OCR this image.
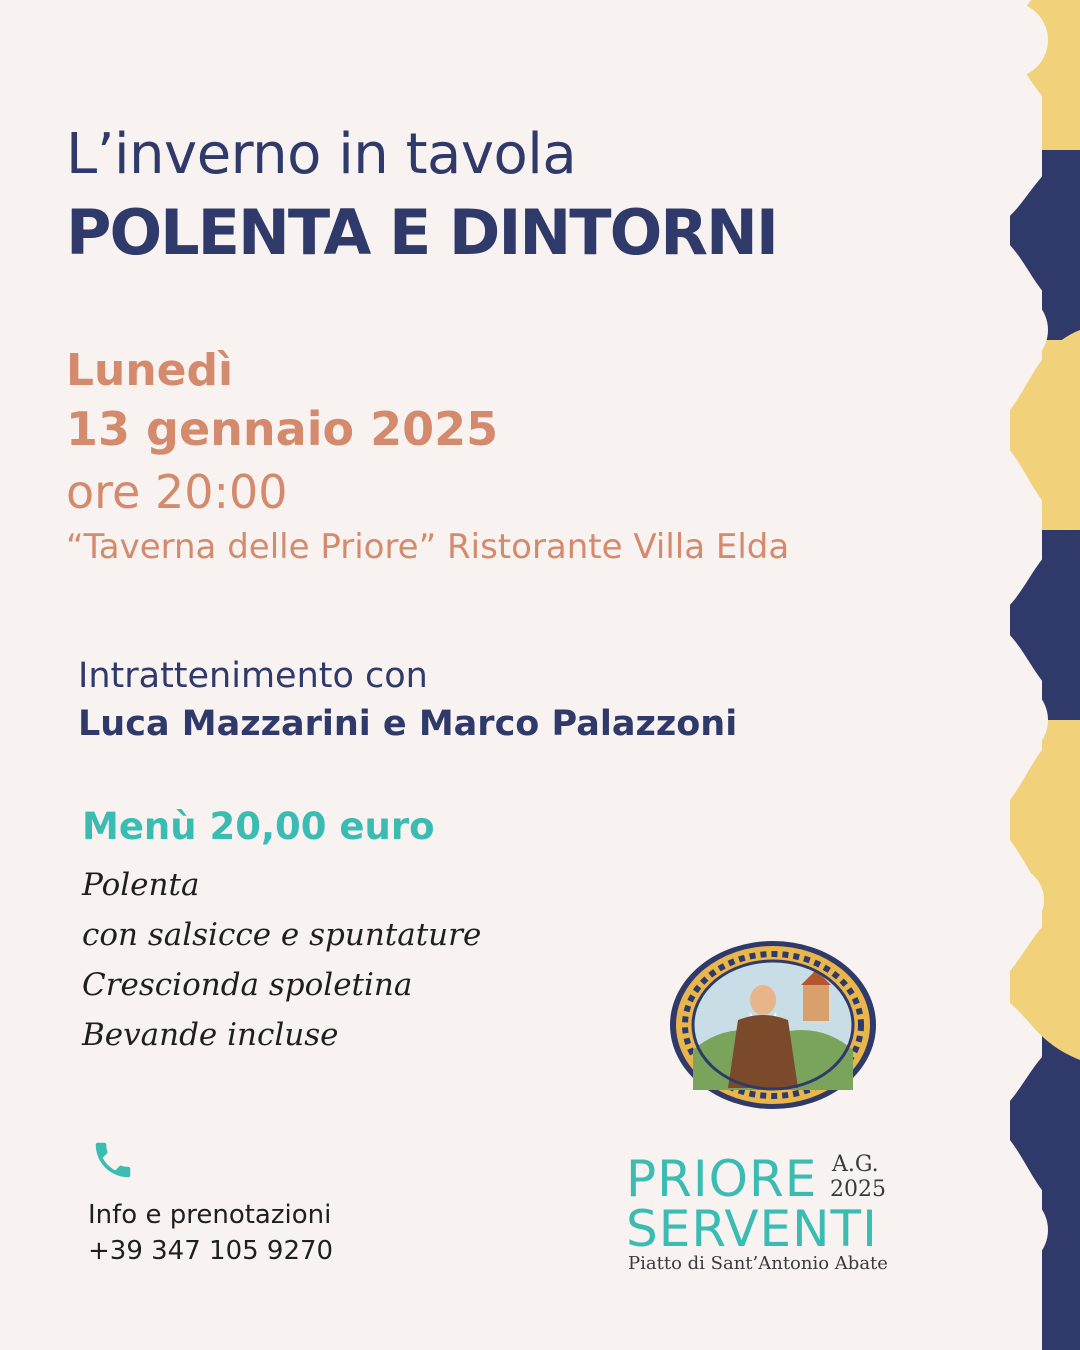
L’inverno in tavola
POLENTA E DINTORNI
Lunedì
13 gennaio 2025
ore 20:00
“Taverna delle Priore” Ristorante Villa Elda
Intrattenimento con
Luca Mazzarini e Marco Palazzoni
Menù 20,00 euro
Polenta
con salsicce e spuntature
Crescionda spoletina
Bevande incluse
Info e prenotazioni
+39 347 105 9270
PRIORE
SERVENTI
A.G.
2025
Piatto di Sant’Antonio Abate
